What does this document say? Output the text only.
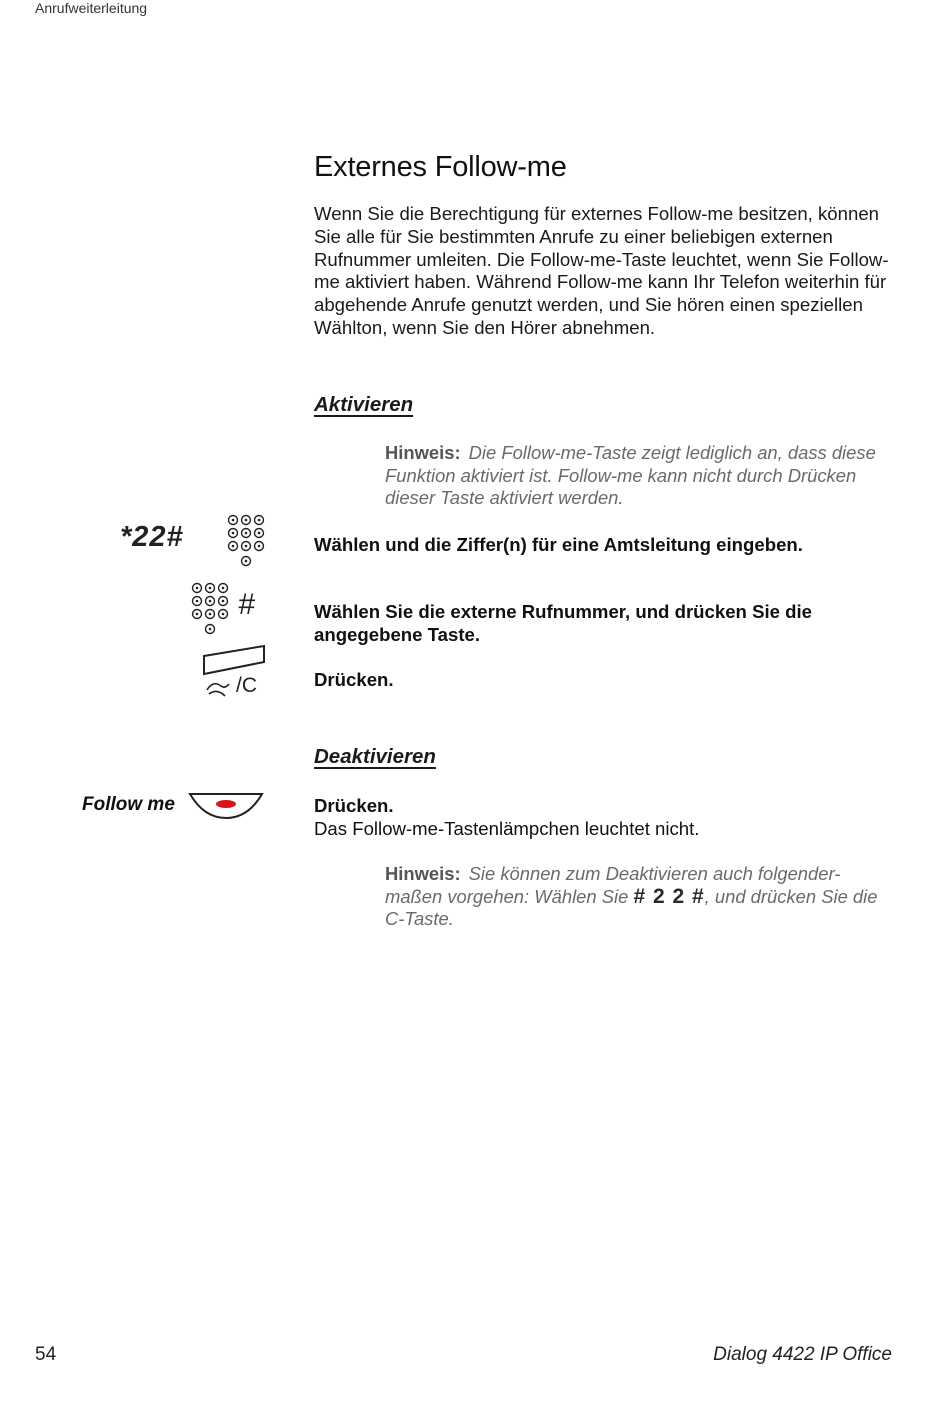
Anrufweiterleitung
Externes Follow-me

Wenn Sie die Berechtigung für externes Follow-me besitzen, können Sie alle für Sie bestimmten Anrufe zu einer beliebigen externen Rufnummer umleiten. Die Follow-me-Taste leuchtet, wenn Sie Follow-me aktiviert haben. Während Follow-me kann Ihr Telefon weiterhin für abgehende Anrufe genutzt werden, und Sie hören einen speziellen Wählton, wenn Sie den Hörer abnehmen.

Aktivieren

Hinweis: Die Follow-me-Taste zeigt lediglich an, dass diese Funktion aktiviert ist. Follow-me kann nicht durch Drücken dieser Taste aktiviert werden.

*22#	Wählen und die Ziffer(n) für eine Amtsleitung eingeben.

#	Wählen Sie die externe Rufnummer, und drücken Sie die angegebene Taste.

/C	Drücken.

Deaktivieren
Follow me	Drücken.
Das Follow-me-Tastenlämpchen leuchtet nicht.

Hinweis: Sie können zum Deaktivieren auch folgender-maßen vorgehen: Wählen Sie # 2 2 #, und drücken Sie die C-Taste.

54	Dialog 4422 IP Office
